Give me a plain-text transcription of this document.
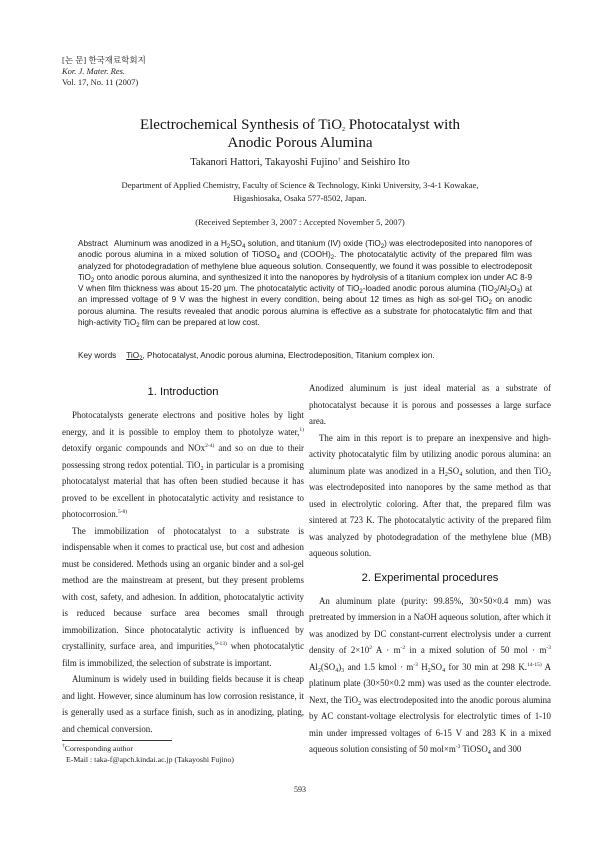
[논 문] 한국재료학회지
Kor. J. Mater. Res.
Vol. 17, No. 11 (2007)
Electrochemical Synthesis of TiO$_2$ Photocatalyst with
Anodic Porous Alumina
Takanori Hattori, Takayoshi Fujino† and Seishiro Ito
Department of Applied Chemistry, Faculty of Science & Technology, Kinki University, 3-4-1 Kowakae,
Higashiosaka, Osaka 577-8502, Japan.
(Received September 3, 2007 : Accepted November 5, 2007)
Abstract Aluminum was anodized in a $H_2SO_4$ solution, and titanium (IV) oxide (TiO$_2$) was electrodeposited into nanopores of anodic porous alumina in a mixed solution of TiOSO$_4$ and $(COOH)_2$. The photocatalytic activity of the prepared film was analyzed for photodegradation of methylene blue aqueous solution. Consequently, we found it was possible to electrodeposit TiO$_2$ onto anodic porous alumina, and synthesized it into the nanopores by hydrolysis of a titanium complex ion under AC 8-9 V when film thickness was about 15-20 μm. The photocatalytic activity of TiO$_2$-loaded anodic porous alumina $(TiO_2/Al_2O_3)$ at an impressed voltage of 9 V was the highest in every condition, being about 12 times as high as sol-gel TiO$_2$ on anodic porous alumina. The results revealed that anodic porous alumina is effective as a substrate for photocatalytic film and that high-activity TiO$_2$ film can be prepared at low cost.
Key words TiO$_2$, Photocatalyst, Anodic porous alumina, Electrodeposition, Titanium complex ion.
1. Introduction

Photocatalysts generate electrons and positive holes by light energy, and it is possible to employ them to photolyze water,$^{1)}$ detoxify organic compounds and NOx$^{2-4)}$ and so on due to their possessing strong redox potential. TiO$_2$ in particular is a promising photocatalyst material that has often been studied because it has proved to be excellent in photocatalytic activity and resistance to photocorrosion.$^{5-8)}$

The immobilization of photocatalyst to a substrate is indispensable when it comes to practical use, but cost and adhesion must be considered. Methods using an organic binder and a sol-gel method are the mainstream at present, but they present problems with cost, safety, and adhesion. In addition, photocatalytic activity is reduced because surface area becomes small through immobilization. Since photocatalytic activity is influenced by crystallinity, surface area, and impurities,$^{9-13)}$ when photocatalytic film is immobilized, the selection of substrate is important.

Aluminum is widely used in building fields because it is cheap and light. However, since aluminum has low corrosion resistance, it is generally used as a surface finish, such as in anodizing, plating, and chemical conversion.

Anodized aluminum is just ideal material as a substrate of photocatalyst because it is porous and possesses a large surface area.

The aim in this report is to prepare an inexpensive and high-activity photocatalytic film by utilizing anodic porous alumina: an aluminum plate was anodized in a $H_2SO_4$ solution, and then TiO$_2$ was electrodeposited into nanopores by the same method as that used in electrolytic coloring. After that, the prepared film was sintered at 723 K. The photocatalytic activity of the prepared film was analyzed by photodegradation of the methylene blue (MB) aqueous solution.

2. Experimental procedures

An aluminum plate (purity: 99.85%, 30×50×0.4 mm) was pretreated by immersion in a NaOH aqueous solution, after which it was anodized by DC constant-current electrolysis under a current density of $2\times 10^2$ $A \cdot m^{-2}$ in a mixed solution of 50 mol · $m^{-3}$ $Al_2(SO_4)_3$ and 1.5 kmol · $m^{-3}$ $H_2SO_4$ for 30 min at 298 K.$^{14-15)}$ A platinum plate (30×50×0.2 mm) was used as the counter electrode. Next, the TiO$_2$ was electrodeposited into the anodic porous alumina by AC constant-voltage electrolysis for electrolytic times of 1-10 min under impressed voltages of 6-15 V and 283 K in a mixed aqueous solution consisting of 50 $mol\times m^{-3}$ TiOSO$_4$ and 300

†Corresponding author
E-Mail : taka-f@apch.kindai.ac.jp (Takayoshi Fujino)
593
